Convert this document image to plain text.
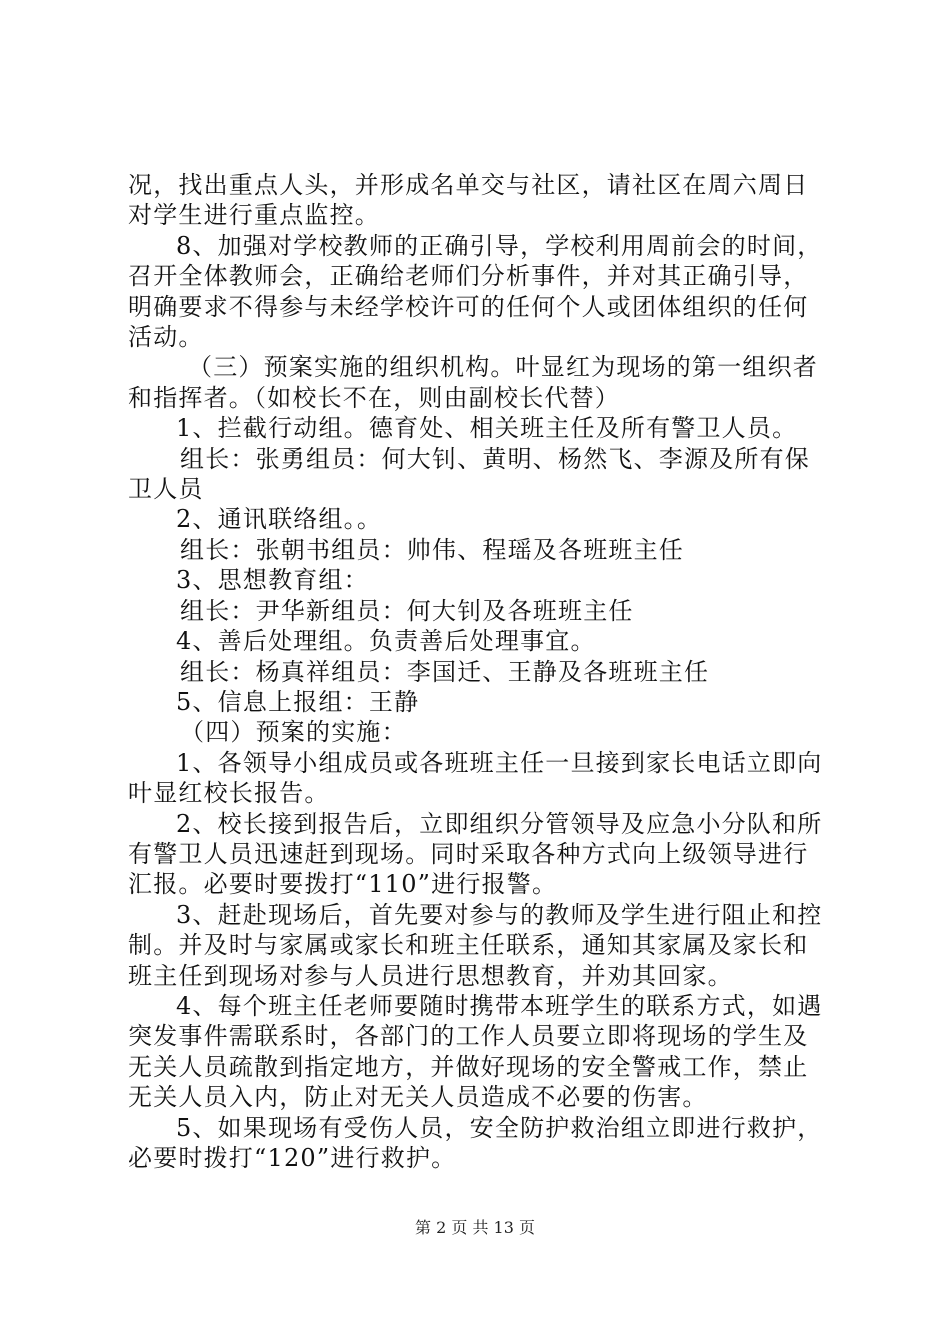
况，找出重点人头，并形成名单交与社区，请社区在周六周日
对学生进行重点监控。
8、加强对学校教师的正确引导，学校利用周前会的时间，
召开全体教师会，正确给老师们分析事件，并对其正确引导，
明确要求不得参与未经学校许可的任何个人或团体组织的任何
活动。
（三）预案实施的组织机构。叶显红为现场的第一组织者
和指挥者。（如校长不在，则由副校长代替）
1、拦截行动组。德育处、相关班主任及所有警卫人员。
组长：张勇组员：何大钊、黄明、杨然飞、李源及所有保
卫人员
2、通讯联络组。。
组长：张朝书组员：帅伟、程瑶及各班班主任
3、思想教育组：
组长：尹华新组员：何大钊及各班班主任
4、善后处理组。负责善后处理事宜。
组长：杨真祥组员：李国迁、王静及各班班主任
5、信息上报组：王静
（四）预案的实施：
1、各领导小组成员或各班班主任一旦接到家长电话立即向
叶显红校长报告。
2、校长接到报告后，立即组织分管领导及应急小分队和所
有警卫人员迅速赶到现场。同时采取各种方式向上级领导进行
汇报。必要时要拨打“110”进行报警。
3、赶赴现场后，首先要对参与的教师及学生进行阻止和控
制。并及时与家属或家长和班主任联系，通知其家属及家长和
班主任到现场对参与人员进行思想教育，并劝其回家。
4、每个班主任老师要随时携带本班学生的联系方式，如遇
突发事件需联系时，各部门的工作人员要立即将现场的学生及
无关人员疏散到指定地方，并做好现场的安全警戒工作，禁止
无关人员入内，防止对无关人员造成不必要的伤害。
5、如果现场有受伤人员，安全防护救治组立即进行救护，
必要时拨打“120”进行救护。
第 2 页 共 13 页
